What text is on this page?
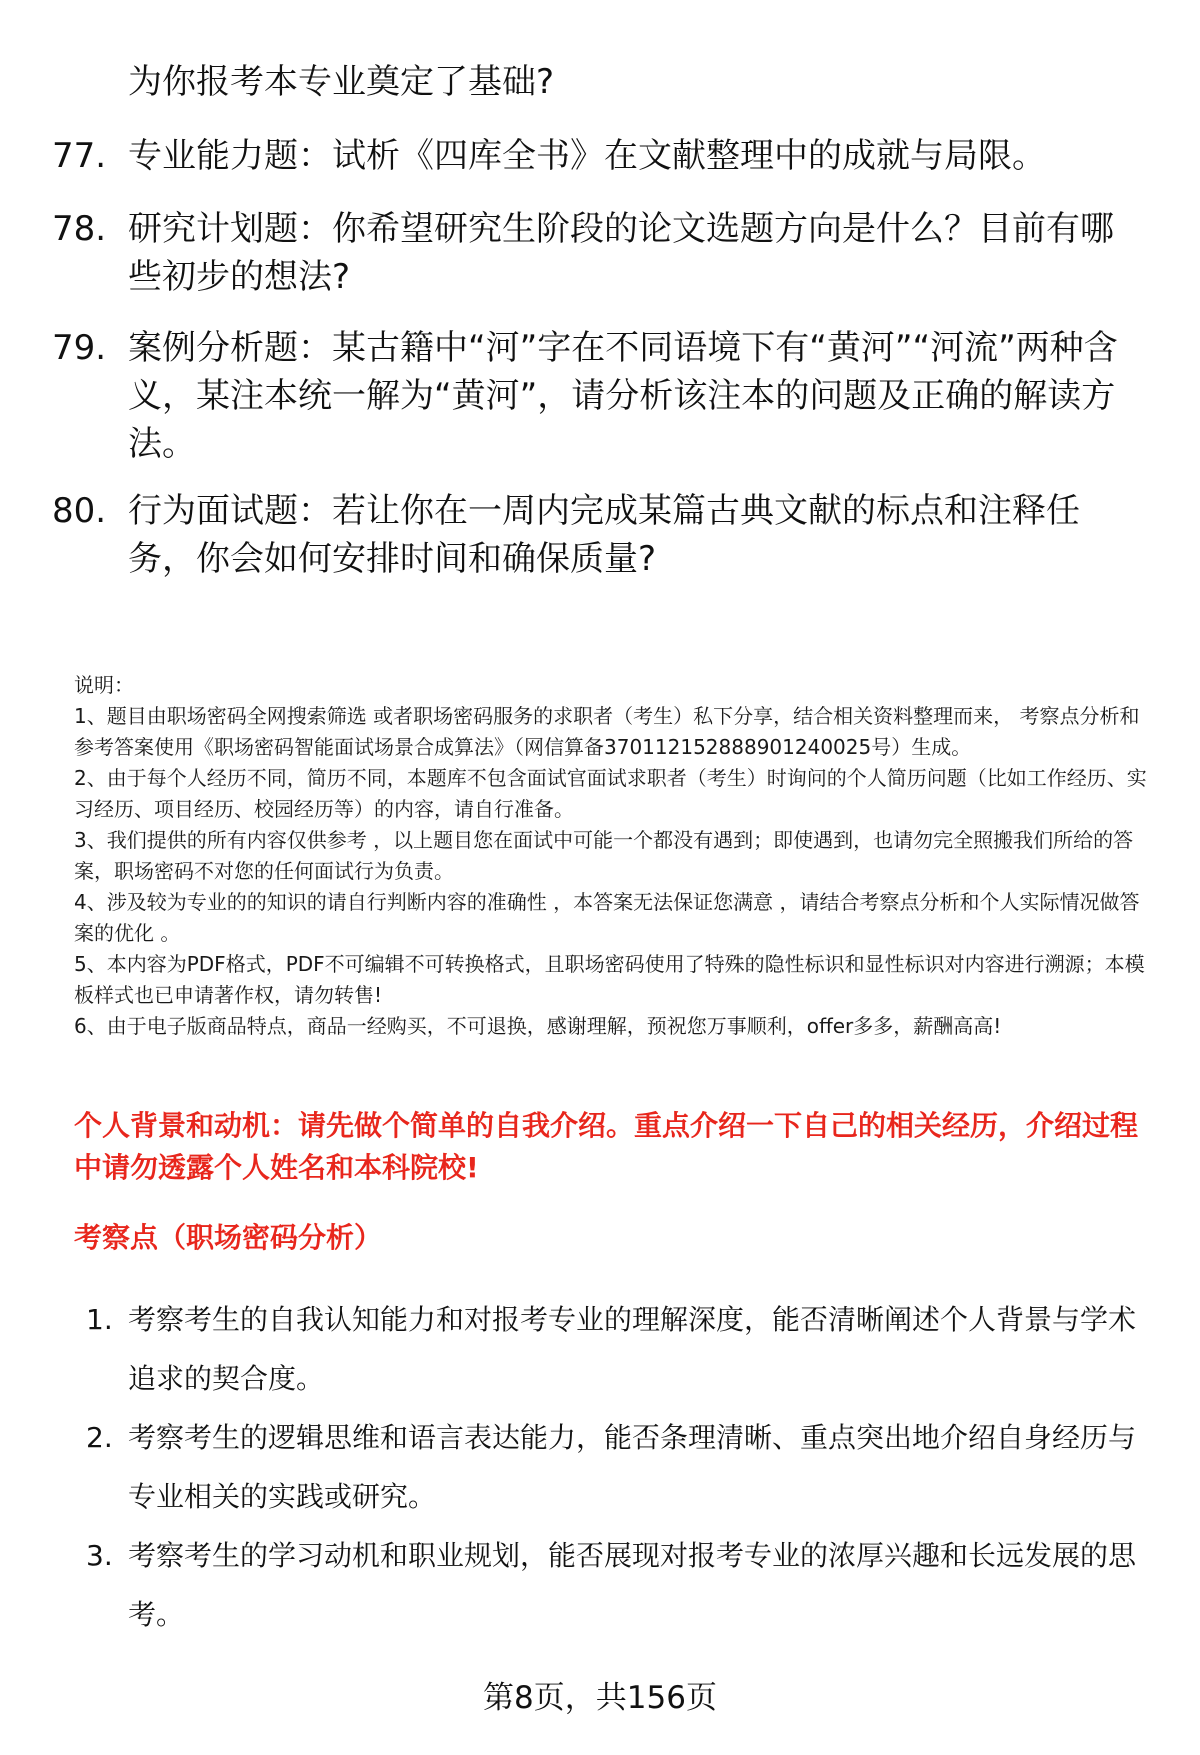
为你报考本专业奠定了基础?
77. 专业能力题：试析《四库全书》在文献整理中的成就与局限。
78. 研究计划题：你希望研究生阶段的论文选题方向是什么？目前有哪些初步的想法?
79. 案例分析题：某古籍中“河”字在不同语境下有“黄河”“河流”两种含义，某注本统一解为“黄河”，请分析该注本的问题及正确的解读方法。
80. 行为面试题：若让你在一周内完成某篇古典文献的标点和注释任务，你会如何安排时间和确保质量?
说明：
1、题目由职场密码全网搜索筛选 或者职场密码服务的求职者（考生）私下分享，结合相关资料整理而来， 考察点分析和参考答案使用《职场密码智能面试场景合成算法》（网信算备370112152888901240025号）生成。
2、由于每个人经历不同，简历不同，本题库不包含面试官面试求职者（考生）时询问的个人简历问题（比如工作经历、实习经历、项目经历、校园经历等）的内容，请自行准备。
3、我们提供的所有内容仅供参考 ，以上题目您在面试中可能一个都没有遇到；即使遇到，也请勿完全照搬我们所给的答案，职场密码不对您的任何面试行为负责。
4、涉及较为专业的的知识的请自行判断内容的准确性 ，本答案无法保证您满意 ，请结合考察点分析和个人实际情况做答案的优化 。
5、本内容为PDF格式，PDF不可编辑不可转换格式，且职场密码使用了特殊的隐性标识和显性标识对内容进行溯源；本模板样式也已申请著作权，请勿转售!
6、由于电子版商品特点，商品一经购买，不可退换，感谢理解，预祝您万事顺利，offer多多，薪酬高高!
个人背景和动机：请先做个简单的自我介绍。重点介绍一下自己的相关经历，介绍过程中请勿透露个人姓名和本科院校!
考察点（职场密码分析）
1. 考察考生的自我认知能力和对报考专业的理解深度，能否清晰阐述个人背景与学术追求的契合度。
2. 考察考生的逻辑思维和语言表达能力，能否条理清晰、重点突出地介绍自身经历与专业相关的实践或研究。
3. 考察考生的学习动机和职业规划，能否展现对报考专业的浓厚兴趣和长远发展的思考。
第8页，共156页
